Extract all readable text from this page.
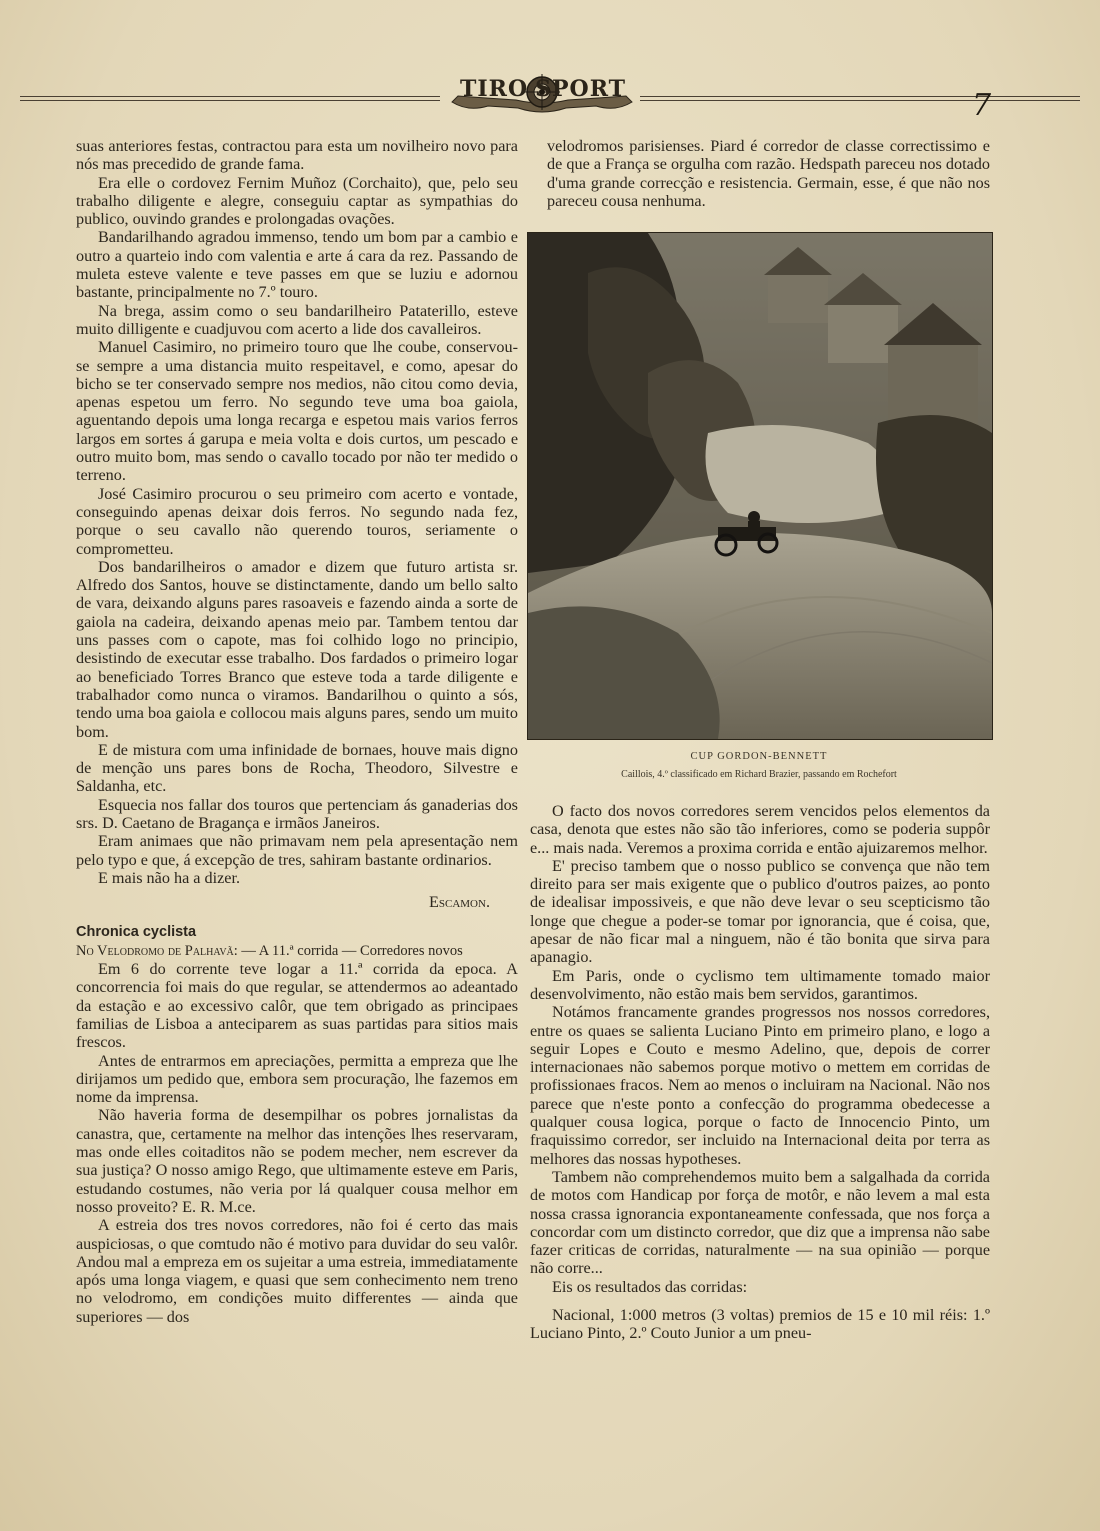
TIRO SPORT	7

suas anteriores festas, contractou para esta um novilheiro novo para nós mas precedido de grande fama.

Era elle o cordovez Fernim Muñoz (Corchaito), que, pelo seu trabalho diligente e alegre, conseguiu captar as sympathias do publico, ouvindo grandes e prolongadas ovações.

Bandarilhando agradou immenso, tendo um bom par a cambio e outro a quarteio indo com valentia e arte á cara da rez. Passando de muleta esteve valente e teve passes em que se luziu e adornou bastante, principalmente no 7.º touro.

Na brega, assim como o seu bandarilheiro Pataterillo, esteve muito dilligente e cuadjuvou com acerto a lide dos cavalleiros.

Manuel Casimiro, no primeiro touro que lhe coube, conservou-se sempre a uma distancia muito respeitavel, e como, apesar do bicho se ter conservado sempre nos medios, não citou como devia, apenas espetou um ferro. No segundo teve uma boa gaiola, aguentando depois uma longa recarga e espetou mais varios ferros largos em sortes á garupa e meia volta e dois curtos, um pescado e outro muito bom, mas sendo o cavallo tocado por não ter medido o terreno.

José Casimiro procurou o seu primeiro com acerto e vontade, conseguindo apenas deixar dois ferros. No segundo nada fez, porque o seu cavallo não querendo touros, seriamente o comprometteu.

Dos bandarilheiros o amador e dizem que futuro artista sr. Alfredo dos Santos, houve se distinctamente, dando um bello salto de vara, deixando alguns pares rasoaveis e fazendo ainda a sorte de gaiola na cadeira, deixando apenas meio par. Tambem tentou dar uns passes com o capote, mas foi colhido logo no principio, desistindo de executar esse trabalho. Dos fardados o primeiro logar ao beneficiado Torres Branco que esteve toda a tarde diligente e trabalhador como nunca o viramos. Bandarilhou o quinto a sós, tendo uma boa gaiola e collocou mais alguns pares, sendo um muito bom.

E de mistura com uma infinidade de bornaes, houve mais digno de menção uns pares bons de Rocha, Theodoro, Silvestre e Saldanha, etc.

Esquecia nos fallar dos touros que pertenciam ás ganaderias dos srs. D. Caetano de Bragança e irmãos Janeiros.

Eram animaes que não primavam nem pela apresentação nem pelo typo e que, á excepção de tres, sahiram bastante ordinarios.

E mais não ha a dizer.

Escamon.

Chronica cyclista

No Velodromo de Palhavã: — A 11.ª corrida — Corredores novos

Em 6 do corrente teve logar a 11.ª corrida da epoca. A concorrencia foi mais do que regular, se attendermos ao adeantado da estação e ao excessivo calôr, que tem obrigado as principaes familias de Lisboa a anteciparem as suas partidas para sitios mais frescos.

Antes de entrarmos em apreciações, permitta a empreza que lhe dirijamos um pedido que, embora sem procuração, lhe fazemos em nome da imprensa.

Não haveria forma de desempilhar os pobres jornalistas da canastra, que, certamente na melhor das intenções lhes reservaram, mas onde elles coitaditos não se podem mecher, nem escrever da sua justiça? O nosso amigo Rego, que ultimamente esteve em Paris, estudando costumes, não veria por lá qualquer cousa melhor em nosso proveito? E. R. M.ce.

A estreia dos tres novos corredores, não foi é certo das mais auspiciosas, o que comtudo não é motivo para duvidar do seu valôr. Andou mal a empreza em os sujeitar a uma estreia, immediatamente após uma longa viagem, e quasi que sem conhecimento nem treno no velodromo, em condições muito differentes — ainda que superiores — dos

velodromos parisienses. Piard é corredor de classe correctissimo e de que a França se orgulha com razão. Hedspath pareceu nos dotado d'uma grande correcção e resistencia. Germain, esse, é que não nos pareceu cousa nenhuma.

CUP GORDON-BENNETT
Caillois, 4.º classificado em Richard Brazier, passando em Rochefort

O facto dos novos corredores serem vencidos pelos elementos da casa, denota que estes não são tão inferiores, como se poderia suppôr e... mais nada. Veremos a proxima corrida e então ajuizaremos melhor.

E' preciso tambem que o nosso publico se convença que não tem direito para ser mais exigente que o publico d'outros paizes, ao ponto de idealisar impossiveis, e que não deve levar o seu scepticismo tão longe que chegue a poder-se tomar por ignorancia, que é coisa, que, apesar de não ficar mal a ninguem, não é tão bonita que sirva para apanagio.

Em Paris, onde o cyclismo tem ultimamente tomado maior desenvolvimento, não estão mais bem servidos, garantimos.

Notámos francamente grandes progressos nos nossos corredores, entre os quaes se salienta Luciano Pinto em primeiro plano, e logo a seguir Lopes e Couto e mesmo Adelino, que, depois de correr internacionaes não sabemos porque motivo o mettem em corridas de profissionaes fracos. Nem ao menos o incluiram na Nacional. Não nos parece que n'este ponto a confecção do programma obedecesse a qualquer cousa logica, porque o facto de Innocencio Pinto, um fraquissimo corredor, ser incluido na Internacional deita por terra as melhores das nossas hypotheses.

Tambem não comprehendemos muito bem a salgalhada da corrida de motos com Handicap por força de motôr, e não levem a mal esta nossa crassa ignorancia expontaneamente confessada, que nos força a concordar com um distincto corredor, que diz que a imprensa não sabe fazer criticas de corridas, naturalmente — na sua opinião — porque não corre...

Eis os resultados das corridas:

Nacional, 1:000 metros (3 voltas) premios de 15 e 10 mil réis: 1.º Luciano Pinto, 2.º Couto Junior a um pneu-
